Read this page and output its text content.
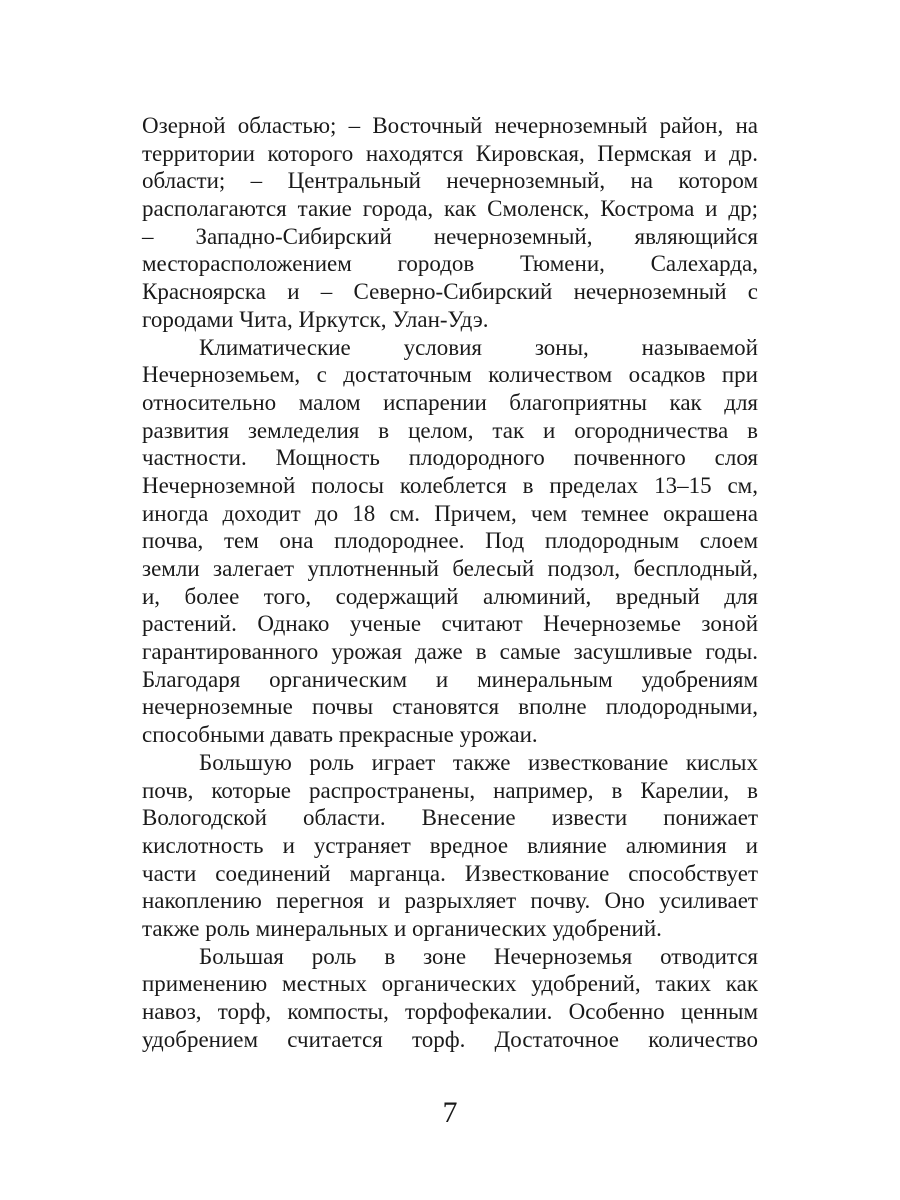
Озерной областью; – Восточный нечерноземный район, на
территории которого находятся Кировская, Пермская и др.
области; – Центральный нечерноземный, на котором
располагаются такие города, как Смоленск, Кострома и др;
– Западно-Сибирский нечерноземный, являющийся
месторасположением городов Тюмени, Салехарда,
Красноярска и – Северно-Сибирский нечерноземный с
городами Чита, Иркутск, Улан-Удэ.
Климатические условия зоны, называемой
Нечерноземьем, с достаточным количеством осадков при
относительно малом испарении благоприятны как для
развития земледелия в целом, так и огородничества в
частности. Мощность плодородного почвенного слоя
Нечерноземной полосы колеблется в пределах 13–15 см,
иногда доходит до 18 см. Причем, чем темнее окрашена
почва, тем она плодороднее. Под плодородным слоем
земли залегает уплотненный белесый подзол, бесплодный,
и, более того, содержащий алюминий, вредный для
растений. Однако ученые считают Нечерноземье зоной
гарантированного урожая даже в самые засушливые годы.
Благодаря органическим и минеральным удобрениям
нечерноземные почвы становятся вполне плодородными,
способными давать прекрасные урожаи.
Большую роль играет также известкование кислых
почв, которые распространены, например, в Карелии, в
Вологодской области. Внесение извести понижает
кислотность и устраняет вредное влияние алюминия и
части соединений марганца. Известкование способствует
накоплению перегноя и разрыхляет почву. Оно усиливает
также роль минеральных и органических удобрений.
Большая роль в зоне Нечерноземья отводится
применению местных органических удобрений, таких как
навоз, торф, компосты, торфофекалии. Особенно ценным
удобрением считается торф. Достаточное количество
7
